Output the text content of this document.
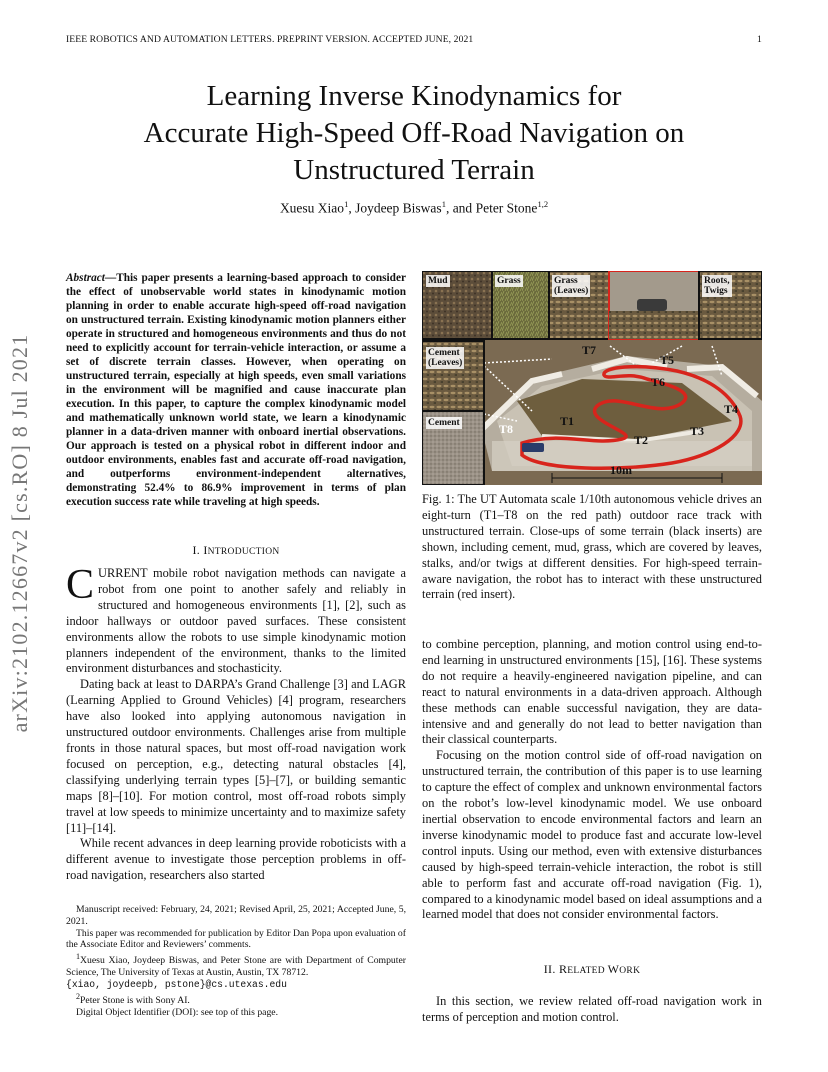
IEEE ROBOTICS AND AUTOMATION LETTERS. PREPRINT VERSION. ACCEPTED JUNE, 2021	1
Learning Inverse Kinodynamics for
Accurate High-Speed Off-Road Navigation on
Unstructured Terrain
Xuesu Xiao$^1$, Joydeep Biswas$^1$, and Peter Stone$^{1,2}$
arXiv:2102.12667v2 [cs.RO] 8 Jul 2021
Abstract—This paper presents a learning-based approach to consider the effect of unobservable world states in kinodynamic motion planning in order to enable accurate high-speed off-road navigation on unstructured terrain. Existing kinodynamic motion planners either operate in structured and homogeneous environments and thus do not need to explicitly account for terrain-vehicle interaction, or assume a set of discrete terrain classes. However, when operating on unstructured terrain, especially at high speeds, even small variations in the environment will be magnified and cause inaccurate plan execution. In this paper, to capture the complex kinodynamic model and mathematically unknown world state, we learn a kinodynamic planner in a data-driven manner with onboard inertial observations. Our approach is tested on a physical robot in different indoor and outdoor environments, enables fast and accurate off-road navigation, and outperforms environment-independent alternatives, demonstrating 52.4% to 86.9% improvement in terms of plan execution success rate while traveling at high speeds.
I. INTRODUCTION

CURRENT mobile robot navigation methods can navigate a robot from one point to another safely and reliably in structured and homogeneous environments [1], [2], such as indoor hallways or outdoor paved surfaces. These consistent environments allow the robots to use simple kinodynamic motion planners independent of the environment, thanks to the limited environment disturbances and stochasticity.

Dating back at least to DARPA’s Grand Challenge [3] and LAGR (Learning Applied to Ground Vehicles) [4] program, researchers have also looked into applying autonomous navigation in unstructured outdoor environments. Challenges arise from multiple fronts in those natural spaces, but most off-road navigation work focused on perception, e.g., detecting natural obstacles [4], classifying underlying terrain types [5]–[7], or building semantic maps [8]–[10]. For motion control, most off-road robots simply travel at low speeds to minimize uncertainty and to maximize safety [11]–[14].

While recent advances in deep learning provide roboticists with a different avenue to investigate those perception problems in off-road navigation, researchers also started

Manuscript received: February, 24, 2021; Revised April, 25, 2021; Accepted June, 5, 2021.

This paper was recommended for publication by Editor Dan Popa upon evaluation of the Associate Editor and Reviewers’ comments.

$^1$Xuesu Xiao, Joydeep Biswas, and Peter Stone are with Department of Computer Science, The University of Texas at Austin, Austin, TX 78712.
{xiao, joydeepb, pstone}@cs.utexas.edu

$^2$Peter Stone is with Sony AI.

Digital Object Identifier (DOI): see top of this page.

Mud	Grass	Grass
(Leaves)
Roots,
Twigs
Cement
(Leaves)
Cement	T1
T2
T3
T4
T5
T6
T7
T8
10m
Fig. 1: The UT Automata scale 1/10th autonomous vehicle drives an eight-turn (T1–T8 on the red path) outdoor race track with unstructured terrain. Close-ups of some terrain (black inserts) are shown, including cement, mud, grass, which are covered by leaves, stalks, and/or twigs at different densities. For high-speed terrain-aware navigation, the robot has to interact with these unstructured terrain (red insert).

to combine perception, planning, and motion control using end-to-end learning in unstructured environments [15], [16]. These systems do not require a heavily-engineered navigation pipeline, and can react to natural environments in a data-driven approach. Although these methods can enable successful navigation, they are data-intensive and and generally do not lead to better navigation than their classical counterparts.

Focusing on the motion control side of off-road navigation on unstructured terrain, the contribution of this paper is to use learning to capture the effect of complex and unknown environmental factors on the robot’s low-level kinodynamic model. We use onboard inertial observation to encode environmental factors and learn an inverse kinodynamic model to produce fast and accurate low-level control inputs. Using our method, even with extensive disturbances caused by high-speed terrain-vehicle interaction, the robot is still able to perform fast and accurate off-road navigation (Fig. 1), compared to a kinodynamic model based on ideal assumptions and a learned model that does not consider environmental factors.

II. RELATED WORK

In this section, we review related off-road navigation work in terms of perception and motion control.
